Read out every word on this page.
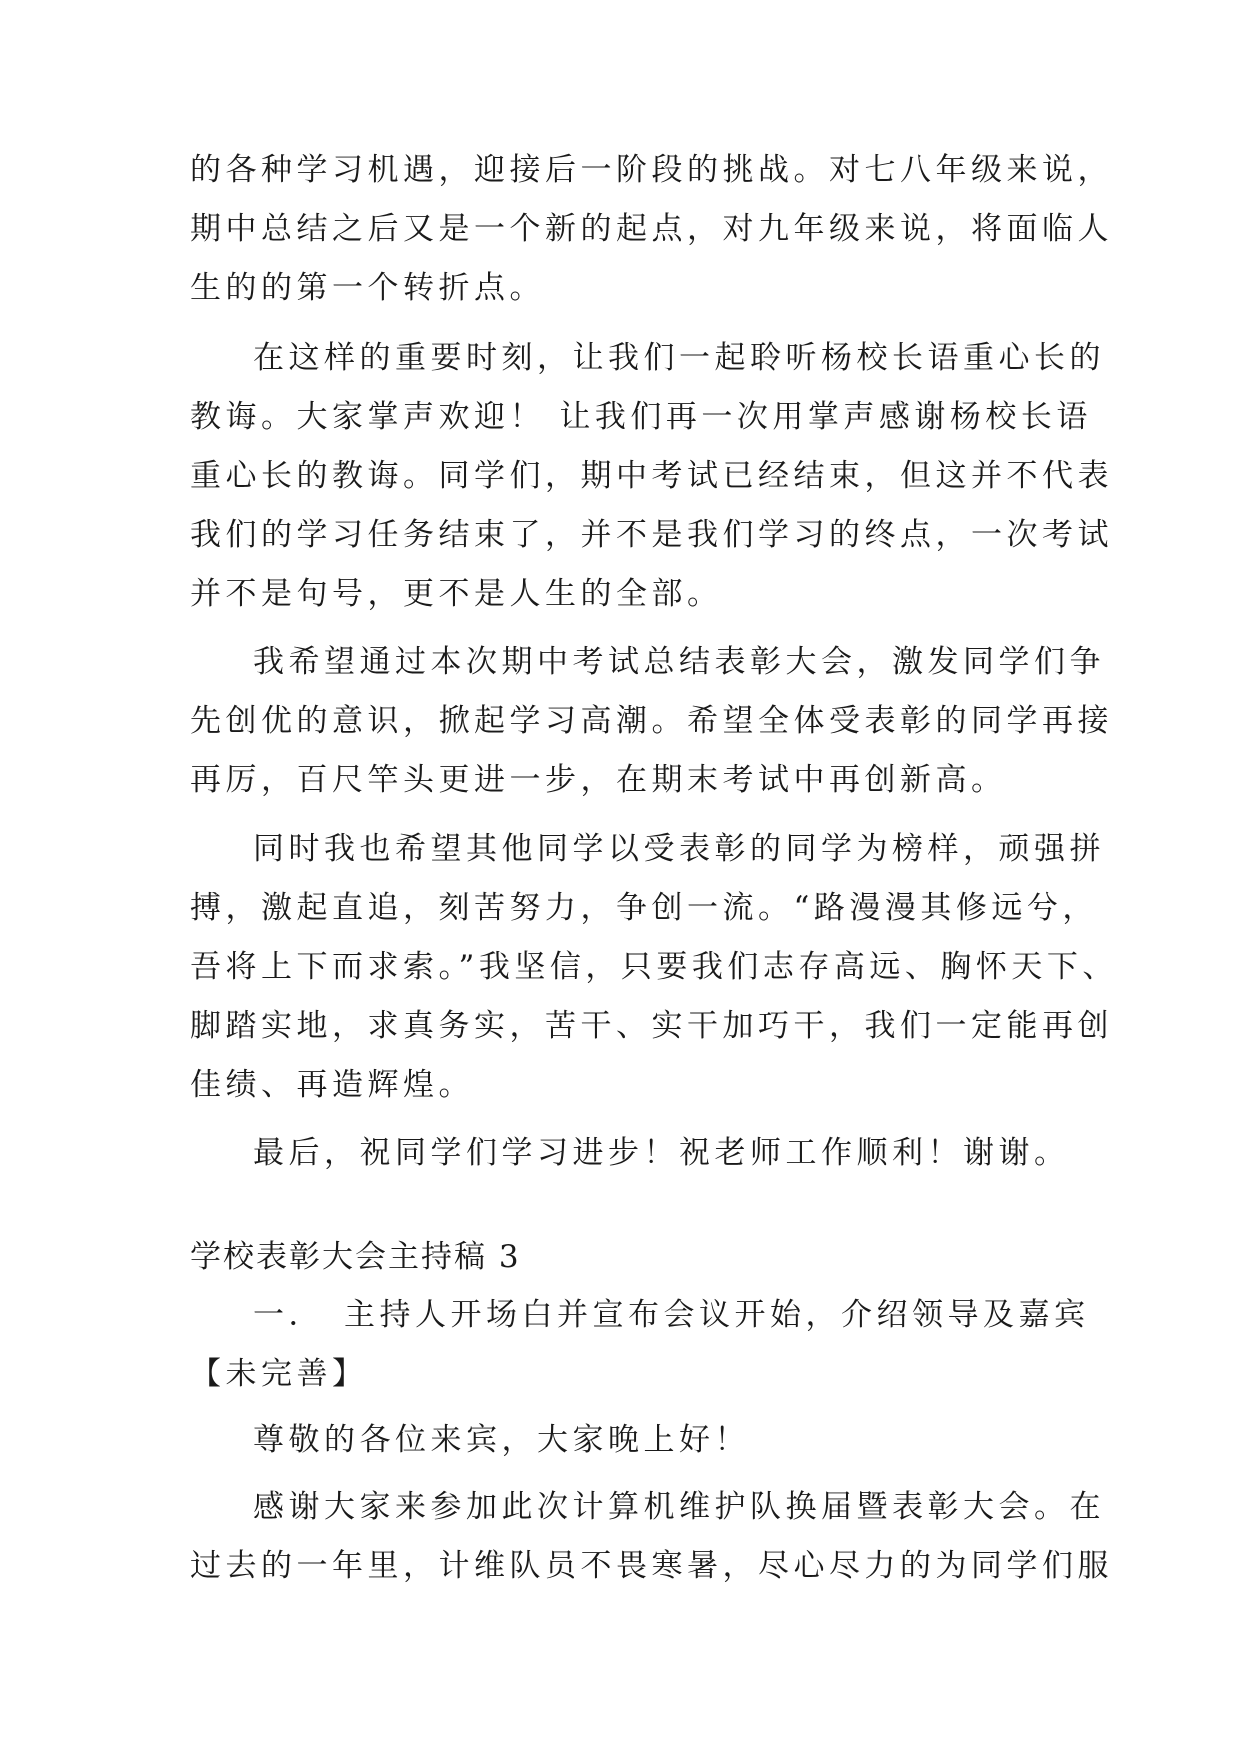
的各种学习机遇，迎接后一阶段的挑战。对七八年级来说，
期中总结之后又是一个新的起点，对九年级来说，将面临人
生的的第一个转折点。
在这样的重要时刻，让我们一起聆听杨校长语重心长的
教诲。大家掌声欢迎！ 让我们再一次用掌声感谢杨校长语
重心长的教诲。同学们，期中考试已经结束，但这并不代表
我们的学习任务结束了，并不是我们学习的终点，一次考试
并不是句号，更不是人生的全部。
我希望通过本次期中考试总结表彰大会，激发同学们争
先创优的意识，掀起学习高潮。希望全体受表彰的同学再接
再厉，百尺竿头更进一步，在期末考试中再创新高。
同时我也希望其他同学以受表彰的同学为榜样，顽强拼
搏，激起直追，刻苦努力，争创一流。“路漫漫其修远兮，
吾将上下而求索。”我坚信，只要我们志存高远、胸怀天下、
脚踏实地，求真务实，苦干、实干加巧干，我们一定能再创
佳绩、再造辉煌。
最后，祝同学们学习进步！祝老师工作顺利！谢谢。
学校表彰大会主持稿 3
一．　主持人开场白并宣布会议开始，介绍领导及嘉宾
【未完善】
尊敬的各位来宾，大家晚上好！
感谢大家来参加此次计算机维护队换届暨表彰大会。在
过去的一年里，计维队员不畏寒暑，尽心尽力的为同学们服
